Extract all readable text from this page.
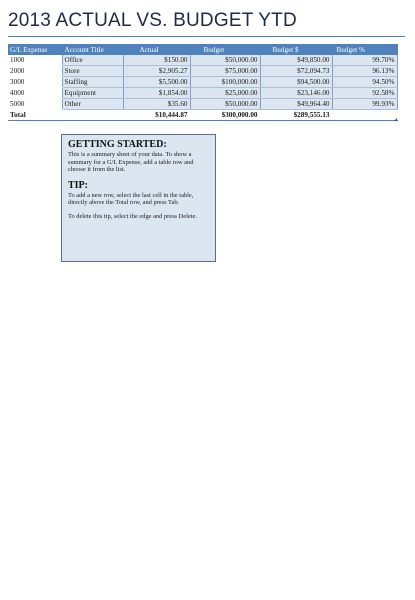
2013 ACTUAL VS. BUDGET YTD
G/L Expense	Account Title	Actual	Budget	Budget $	Budget %
1000	Office	$150.00	$50,000.00	$49,850.00	99.70%
2000	Store	$2,905.27	$75,000.00	$72,094.73	96.13%
3000	Staffing	$5,500.00	$100,000.00	$94,500.00	94.50%
4000	Equipment	$1,854.00	$25,000.00	$23,146.00	92.58%
5000	Other	$35.60	$50,000.00	$49,964.40	99.93%
Total		$10,444.87	$300,000.00	$289,555.13	
GETTING STARTED:

This is a summary sheet of your data. To show a summary for a G/L Expense, add a table row and choose it from the list.

TIP:

To add a new row, select the last cell in the table, directly above the Total row, and press Tab.

To delete this tip, select the edge and press Delete.
